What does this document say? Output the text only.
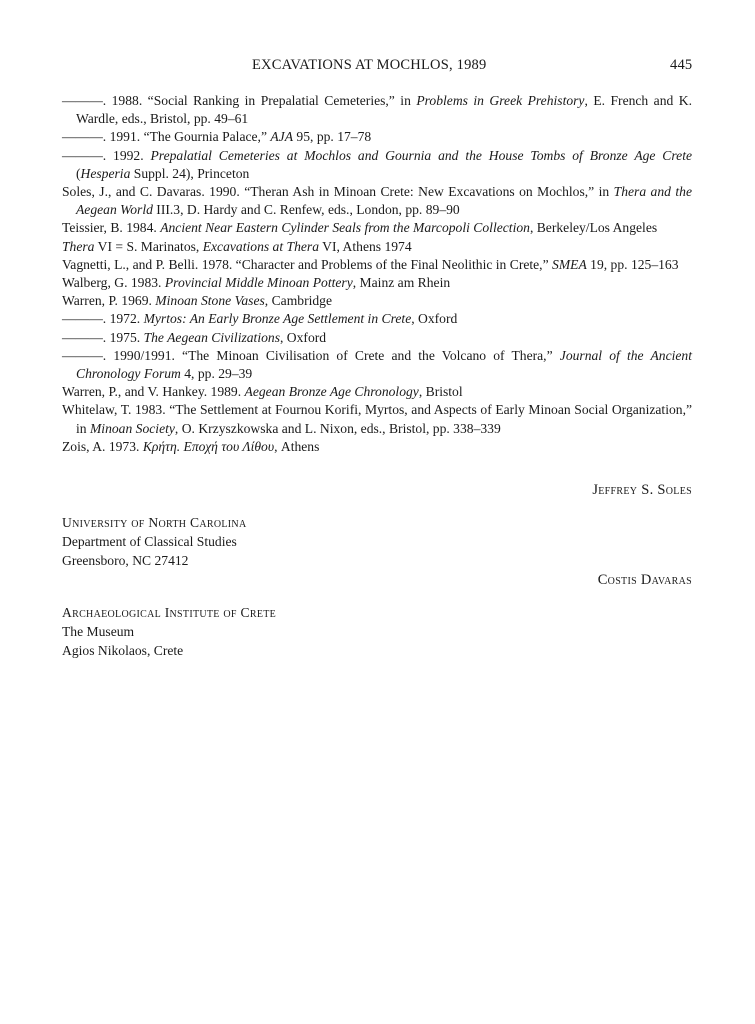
EXCAVATIONS AT MOCHLOS, 1989	445

———. 1988. “Social Ranking in Prepalatial Cemeteries,” in Problems in Greek Prehistory, E. French and K. Wardle, eds., Bristol, pp. 49–61

———. 1991. “The Gournia Palace,” AJA 95, pp. 17–78

———. 1992. Prepalatial Cemeteries at Mochlos and Gournia and the House Tombs of Bronze Age Crete (Hesperia Suppl. 24), Princeton

Soles, J., and C. Davaras. 1990. “Theran Ash in Minoan Crete: New Excavations on Mochlos,” in Thera and the Aegean World III.3, D. Hardy and C. Renfew, eds., London, pp. 89–90

Teissier, B. 1984. Ancient Near Eastern Cylinder Seals from the Marcopoli Collection, Berkeley/Los Angeles

Thera VI = S. Marinatos, Excavations at Thera VI, Athens 1974

Vagnetti, L., and P. Belli. 1978. “Character and Problems of the Final Neolithic in Crete,” SMEA 19, pp. 125–163

Walberg, G. 1983. Provincial Middle Minoan Pottery, Mainz am Rhein

Warren, P. 1969. Minoan Stone Vases, Cambridge

———. 1972. Myrtos: An Early Bronze Age Settlement in Crete, Oxford

———. 1975. The Aegean Civilizations, Oxford

———. 1990/1991. “The Minoan Civilisation of Crete and the Volcano of Thera,” Journal of the Ancient Chronology Forum 4, pp. 29–39

Warren, P., and V. Hankey. 1989. Aegean Bronze Age Chronology, Bristol

Whitelaw, T. 1983. “The Settlement at Fournou Korifi, Myrtos, and Aspects of Early Minoan Social Organization,” in Minoan Society, O. Krzyszkowska and L. Nixon, eds., Bristol, pp. 338–339

Zois, A. 1973. Κρήτη. Εποχή του Λίθου, Athens

Jeffrey S. Soles
University of North Carolina
Department of Classical Studies
Greensboro, NC 27412
Costis Davaras
Archaeological Institute of Crete
The Museum
Agios Nikolaos, Crete
